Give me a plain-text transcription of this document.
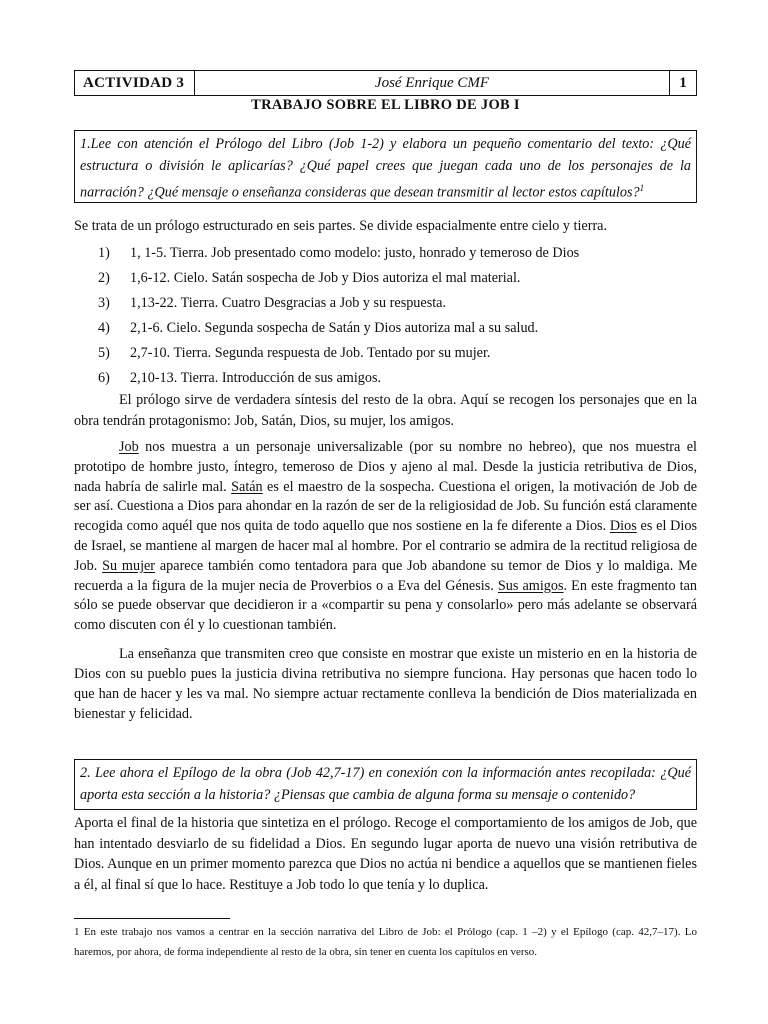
ACTIVIDAD 3	José Enrique CMF	1
TRABAJO SOBRE EL LIBRO DE JOB I
1.Lee con atención el Prólogo del Libro (Job 1-2) y elabora un pequeño comentario del texto: ¿Qué estructura o división le aplicarías? ¿Qué papel crees que juegan cada uno de los personajes de la narración? ¿Qué mensaje o enseñanza consideras que desean transmitir al lector estos capítulos?$^1$

Se trata de un prólogo estructurado en seis partes. Se divide espacialmente entre cielo y tierra.

1)	1, 1-5. Tierra. Job presentado como modelo: justo, honrado y temeroso de Dios
2)	1,6-12. Cielo. Satán sospecha de Job y Dios autoriza el mal material.
3)	1,13-22. Tierra. Cuatro Desgracias a Job y su respuesta.
4)	2,1-6. Cielo. Segunda sospecha de Satán y Dios autoriza mal a su salud.
5)	2,7-10. Tierra. Segunda respuesta de Job. Tentado por su mujer.
6)	2,10-13. Tierra. Introducción de sus amigos.

El prólogo sirve de verdadera síntesis del resto de la obra. Aquí se recogen los personajes que en la obra tendrán protagonismo: Job, Satán, Dios, su mujer, los amigos.

Job nos muestra a un personaje universalizable (por su nombre no hebreo), que nos muestra el prototipo de hombre justo, íntegro, temeroso de Dios y ajeno al mal. Desde la justicia retributiva de Dios, nada habría de salirle mal. Satán es el maestro de la sospecha. Cuestiona el origen, la motivación de Job de ser así. Cuestiona a Dios para ahondar en la razón de ser de la religiosidad de Job. Su función está claramente recogida como aquél que nos quita de todo aquello que nos sostiene en la fe diferente a Dios. Dios es el Dios de Israel, se mantiene al margen de hacer mal al hombre. Por el contrario se admira de la rectitud religiosa de Job. Su mujer aparece también como tentadora para que Job abandone su temor de Dios y lo maldiga. Me recuerda a la figura de la mujer necia de Proverbios o a Eva del Génesis. Sus amigos. En este fragmento tan sólo se puede observar que decidieron ir a «compartir su pena y consolarlo» pero más adelante se observará como discuten con él y lo cuestionan también.

La enseñanza que transmiten creo que consiste en mostrar que existe un misterio en en la historia de Dios con su pueblo pues la justicia divina retributiva no siempre funciona. Hay personas que hacen todo lo que han de hacer y les va mal. No siempre actuar rectamente conlleva la bendición de Dios materializada en bienestar y felicidad.

2. Lee ahora el Epílogo de la obra (Job 42,7-17) en conexión con la información antes recopilada: ¿Qué aporta esta sección a la historia? ¿Piensas que cambia de alguna forma su mensaje o contenido?

Aporta el final de la historia que sintetiza en el prólogo. Recoge el comportamiento de los amigos de Job, que han intentado desviarlo de su fidelidad a Dios. En segundo lugar aporta de nuevo una visión retributiva de Dios. Aunque en un primer momento parezca que Dios no actúa ni bendice a aquellos que se mantienen fieles a él, al final sí que lo hace. Restituye a Job todo lo que tenía y lo duplica.

1 En este trabajo nos vamos a centrar en la sección narrativa del Libro de Job: el Prólogo (cap. 1 –2) y el Epílogo (cap. 42,7–17). Lo haremos, por ahora, de forma independiente al resto de la obra, sin tener en cuenta los capítulos en verso.
